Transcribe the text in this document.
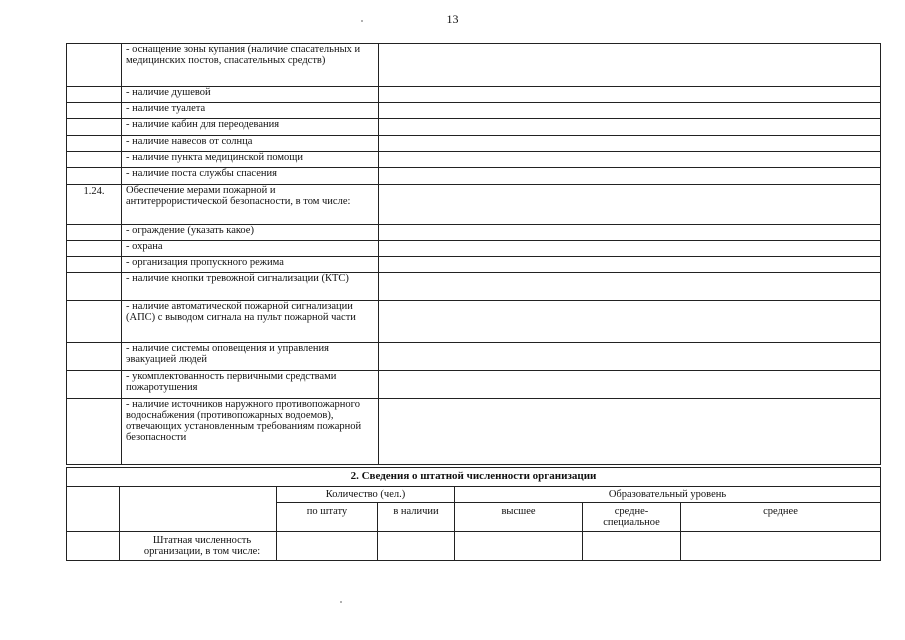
13
	- оснащение зоны купания (наличие спасательных и медицинских постов, спасательных средств)	
	- наличие душевой	
	- наличие туалета	
	- наличие кабин для переодевания	
	- наличие навесов от солнца	
	- наличие пункта медицинской помощи	
	- наличие поста службы спасения	
1.24.	Обеспечение мерами пожарной и антитеррористической безопасности, в том числе:	
	- ограждение (указать какое)	
	- охрана	
	- организация пропускного режима	
	- наличие кнопки тревожной сигнализации (КТС)	
	- наличие автоматической пожарной сигнализации (АПС) с выводом сигнала на пульт пожарной части	
	- наличие системы оповещения и управления эвакуацией людей	
	- укомплектованность первичными средствами пожаротушения	
	- наличие источников наружного противопожарного водоснабжения (противопожарных водоемов), отвечающих установленным требованиям пожарной безопасности	
2. Сведения о штатной численности организации						
		Количество (чел.)		Образовательный уровень		
		по штату	в наличии	высшее	средне-специальное	среднее
	Штатная численность организации, в том числе:					
